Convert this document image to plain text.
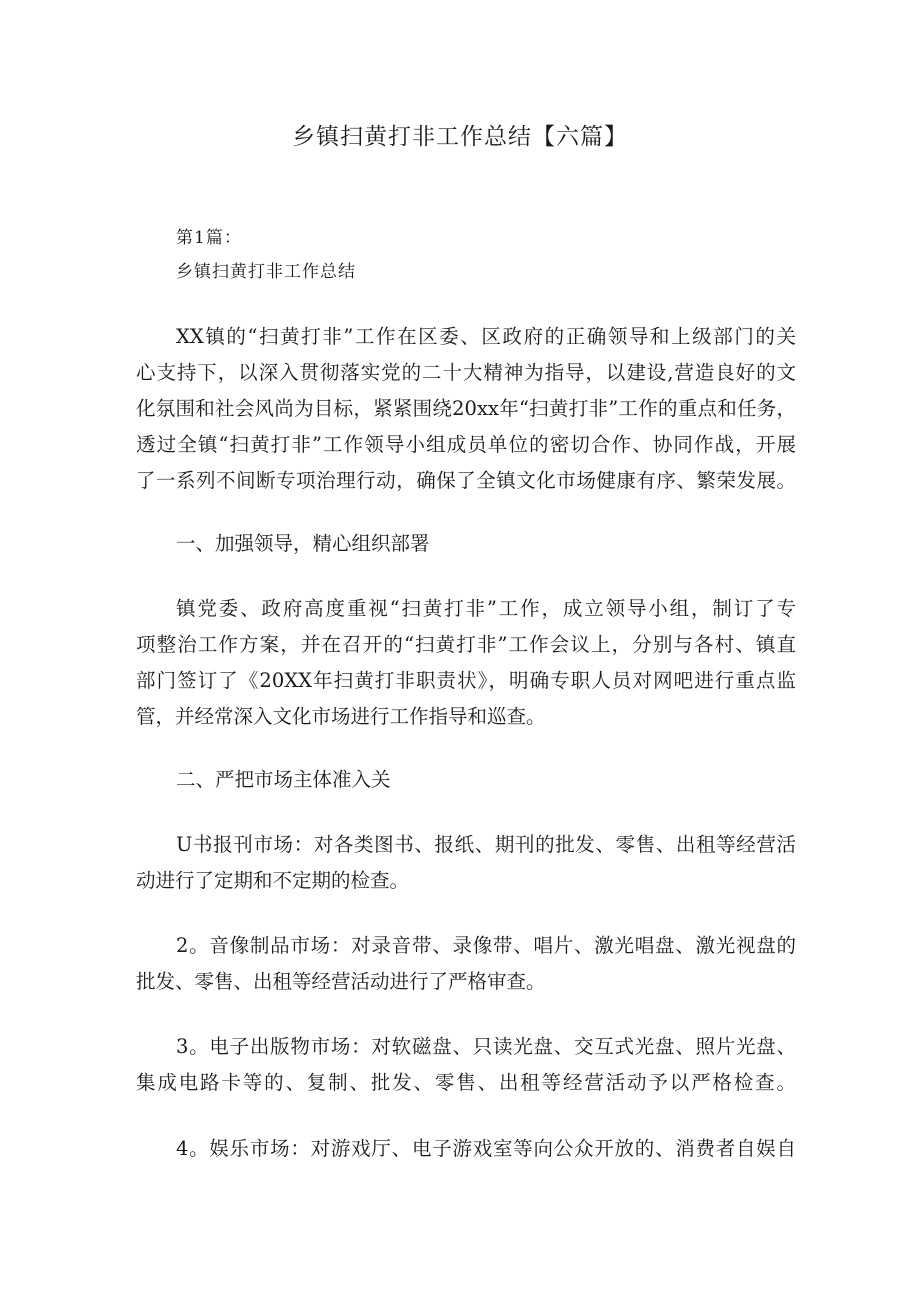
乡镇扫黄打非工作总结【六篇】

第1篇：

乡镇扫黄打非工作总结

XX镇的“扫黄打非”工作在区委、区政府的正确领导和上级部门的关

心支持下，以深入贯彻落实党的二十大精神为指导，以建设,营造良好的文

化氛围和社会风尚为目标，紧紧围绕20xx年“扫黄打非”工作的重点和任务，

透过全镇“扫黄打非”工作领导小组成员单位的密切合作、协同作战，开展

了一系列不间断专项治理行动，确保了全镇文化市场健康有序、繁荣发展。

一、加强领导，精心组织部署

镇党委、政府高度重视“扫黄打非”工作，成立领导小组，制订了专

项整治工作方案，并在召开的“扫黄打非”工作会议上，分别与各村、镇直

部门签订了《20XX年扫黄打非职责状》，明确专职人员对网吧进行重点监

管，并经常深入文化市场进行工作指导和巡查。

二、严把市场主体准入关

U书报刊市场：对各类图书、报纸、期刊的批发、零售、出租等经营活

动进行了定期和不定期的检查。

2。音像制品市场：对录音带、录像带、唱片、激光唱盘、激光视盘的

批发、零售、出租等经营活动进行了严格审查。

3。电子出版物市场：对软磁盘、只读光盘、交互式光盘、照片光盘、

集成电路卡等的、复制、批发、零售、出租等经营活动予以严格检查。

4。娱乐市场：对游戏厅、电子游戏室等向公众开放的、消费者自娱自
